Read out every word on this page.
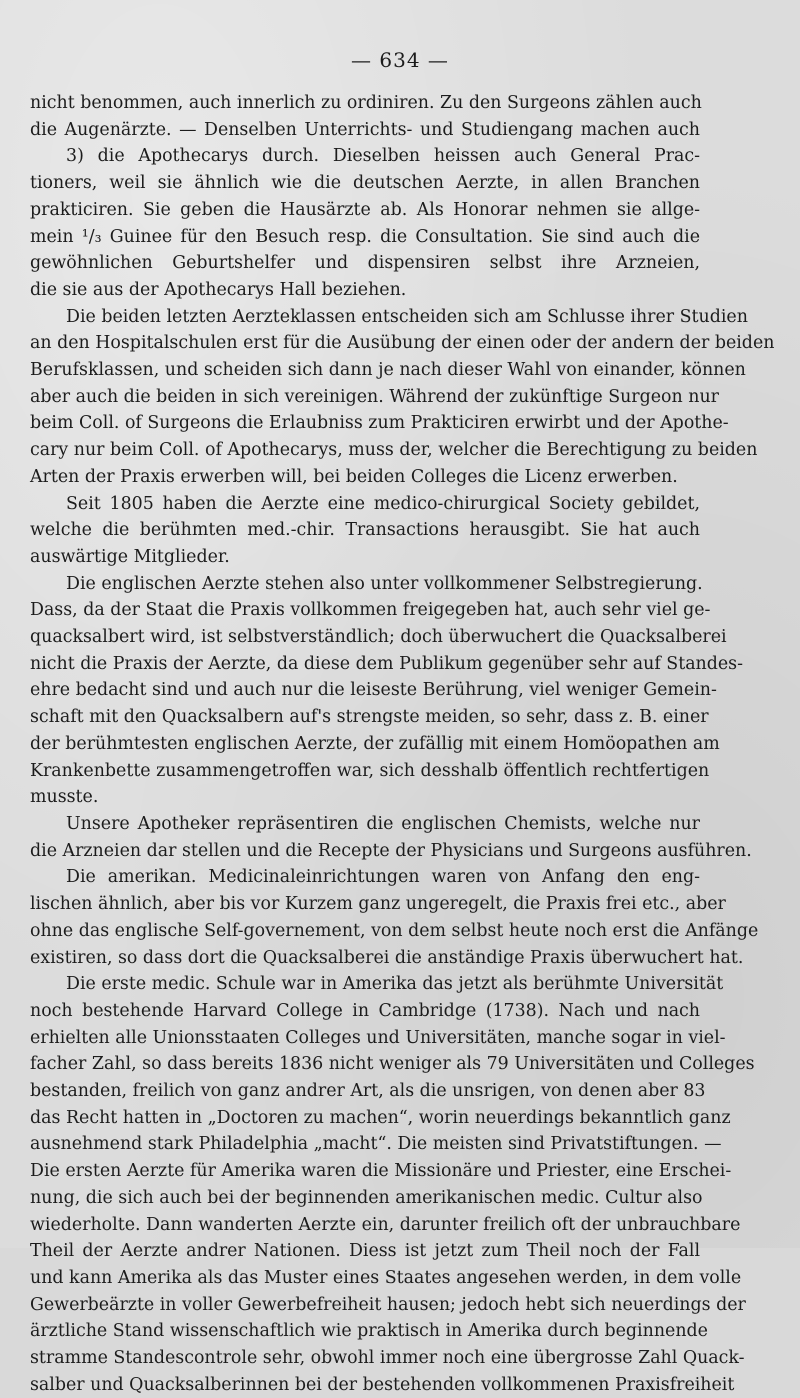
— 634 —
nicht benommen, auch innerlich zu ordiniren. Zu den Surgeons zählen auch
die Augenärzte. — Denselben Unterrichts- und Studiengang machen auch
3) die Apothecarys durch. Dieselben heissen auch General Prac-
tioners, weil sie ähnlich wie die deutschen Aerzte, in allen Branchen
prakticiren. Sie geben die Hausärzte ab. Als Honorar nehmen sie allge-
mein ¹/₃ Guinee für den Besuch resp. die Consultation. Sie sind auch die
gewöhnlichen Geburtshelfer und dispensiren selbst ihre Arzneien,
die sie aus der Apothecarys Hall beziehen.
Die beiden letzten Aerzteklassen entscheiden sich am Schlusse ihrer Studien
an den Hospitalschulen erst für die Ausübung der einen oder der andern der beiden
Berufsklassen, und scheiden sich dann je nach dieser Wahl von einander, können
aber auch die beiden in sich vereinigen. Während der zukünftige Surgeon nur
beim Coll. of Surgeons die Erlaubniss zum Prakticiren erwirbt und der Apothe-
cary nur beim Coll. of Apothecarys, muss der, welcher die Berechtigung zu beiden
Arten der Praxis erwerben will, bei beiden Colleges die Licenz erwerben.
Seit 1805 haben die Aerzte eine medico-chirurgical Society gebildet,
welche die berühmten med.-chir. Transactions herausgibt. Sie hat auch
auswärtige Mitglieder.
Die englischen Aerzte stehen also unter vollkommener Selbstregierung.
Dass, da der Staat die Praxis vollkommen freigegeben hat, auch sehr viel ge-
quacksalbert wird, ist selbstverständlich; doch überwuchert die Quacksalberei
nicht die Praxis der Aerzte, da diese dem Publikum gegenüber sehr auf Standes-
ehre bedacht sind und auch nur die leiseste Berührung, viel weniger Gemein-
schaft mit den Quacksalbern auf's strengste meiden, so sehr, dass z. B. einer
der berühmtesten englischen Aerzte, der zufällig mit einem Homöopathen am
Krankenbette zusammengetroffen war, sich desshalb öffentlich rechtfertigen
musste.
Unsere Apotheker repräsentiren die englischen Chemists, welche nur
die Arzneien dar stellen und die Recepte der Physicians und Surgeons ausführen.
Die amerikan. Medicinaleinrichtungen waren von Anfang den eng-
lischen ähnlich, aber bis vor Kurzem ganz ungeregelt, die Praxis frei etc., aber
ohne das englische Self-governement, von dem selbst heute noch erst die Anfänge
existiren, so dass dort die Quacksalberei die anständige Praxis überwuchert hat.
Die erste medic. Schule war in Amerika das jetzt als berühmte Universität
noch bestehende Harvard College in Cambridge (1738). Nach und nach
erhielten alle Unionsstaaten Colleges und Universitäten, manche sogar in viel-
facher Zahl, so dass bereits 1836 nicht weniger als 79 Universitäten und Colleges
bestanden, freilich von ganz andrer Art, als die unsrigen, von denen aber 83
das Recht hatten in „Doctoren zu machen“, worin neuerdings bekanntlich ganz
ausnehmend stark Philadelphia „macht“. Die meisten sind Privatstiftungen. —
Die ersten Aerzte für Amerika waren die Missionäre und Priester, eine Erschei-
nung, die sich auch bei der beginnenden amerikanischen medic. Cultur also
wiederholte. Dann wanderten Aerzte ein, darunter freilich oft der unbrauchbare
Theil der Aerzte andrer Nationen. Diess ist jetzt zum Theil noch der Fall
und kann Amerika als das Muster eines Staates angesehen werden, in dem volle
Gewerbeärzte in voller Gewerbefreiheit hausen; jedoch hebt sich neuerdings der
ärztliche Stand wissenschaftlich wie praktisch in Amerika durch beginnende
stramme Standescontrole sehr, obwohl immer noch eine übergrosse Zahl Quack-
salber und Quacksalberinnen bei der bestehenden vollkommenen Praxisfreiheit
